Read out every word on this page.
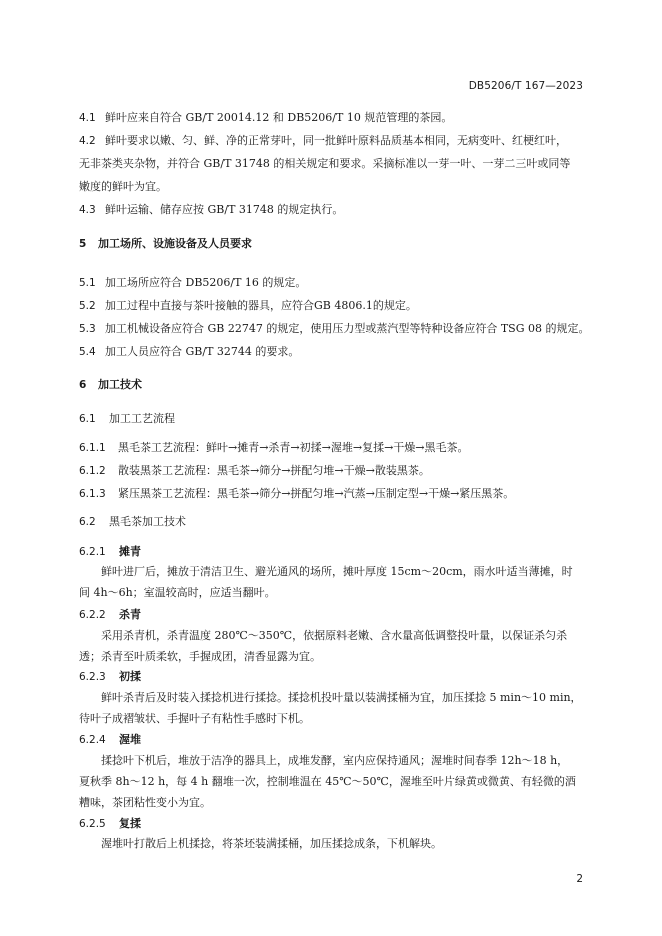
DB5206/T 167—2023
4.1 鲜叶应来自符合 GB/T 20014.12 和 DB5206/T 10 规范管理的茶园。
4.2 鲜叶要求以嫩、匀、鲜、净的正常芽叶，同一批鲜叶原料品质基本相同，无病变叶、红梗红叶，
无非茶类夹杂物，并符合 GB/T 31748 的相关规定和要求。采摘标准以一芽一叶、一芽二三叶或同等
嫩度的鲜叶为宜。
4.3 鲜叶运输、储存应按 GB/T 31748 的规定执行。
5 加工场所、设施设备及人员要求
5.1 加工场所应符合 DB5206/T 16 的规定。
5.2 加工过程中直接与茶叶接触的器具，应符合GB 4806.1的规定。
5.3 加工机械设备应符合 GB 22747 的规定，使用压力型或蒸汽型等特种设备应符合 TSG 08 的规定。
5.4 加工人员应符合 GB/T 32744 的要求。
6 加工技术
6.1 加工工艺流程
6.1.1 黑毛茶工艺流程：鲜叶→摊青→杀青→初揉→渥堆→复揉→干燥→黑毛茶。
6.1.2 散装黑茶工艺流程：黑毛茶→筛分→拼配匀堆→干燥→散装黑茶。
6.1.3 紧压黑茶工艺流程：黑毛茶→筛分→拼配匀堆→汽蒸→压制定型→干燥→紧压黑茶。
6.2 黑毛茶加工技术
6.2.1 摊青
鲜叶进厂后，摊放于清洁卫生、避光通风的场所，摊叶厚度 15cm～20cm，雨水叶适当薄摊，时
间 4h～6h；室温较高时，应适当翻叶。
6.2.2 杀青
采用杀青机，杀青温度 280℃～350℃，依据原料老嫩、含水量高低调整投叶量，以保证杀匀杀
透；杀青至叶质柔软，手握成团，清香显露为宜。
6.2.3 初揉
鲜叶杀青后及时装入揉捻机进行揉捻。揉捻机投叶量以装满揉桶为宜，加压揉捻 5 min～10 min，
待叶子成褶皱状、手握叶子有粘性手感时下机。
6.2.4 渥堆
揉捻叶下机后，堆放于洁净的器具上，成堆发酵，室内应保持通风；渥堆时间春季 12h～18 h，
夏秋季 8h～12 h，每 4 h 翻堆一次，控制堆温在 45℃～50℃，渥堆至叶片绿黄或微黄、有轻微的酒
糟味，茶团粘性变小为宜。
6.2.5 复揉
渥堆叶打散后上机揉捻，将茶坯装满揉桶，加压揉捻成条，下机解块。
2
